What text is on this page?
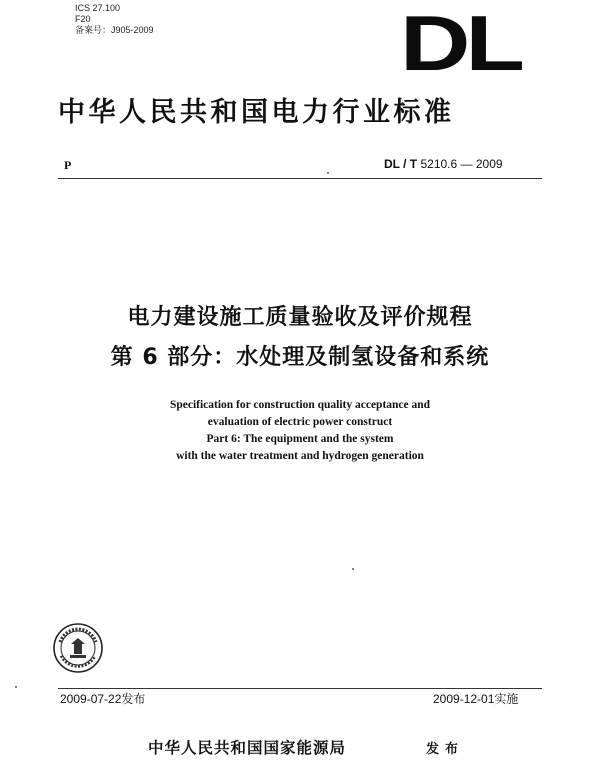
ICS 27.100
F20
备案号：J905-2009	DL
中华人民共和国电力行业标准
P	DL / T 5210.6 — 2009
电力建设施工质量验收及评价规程
第 6 部分：水处理及制氢设备和系统
Specification for construction quality acceptance and
evaluation of electric power construct
Part 6: The equipment and the system
with the water treatment and hydrogen generation
2009-07-22发布	2009-12-01实施
中华人民共和国国家能源局	发布
